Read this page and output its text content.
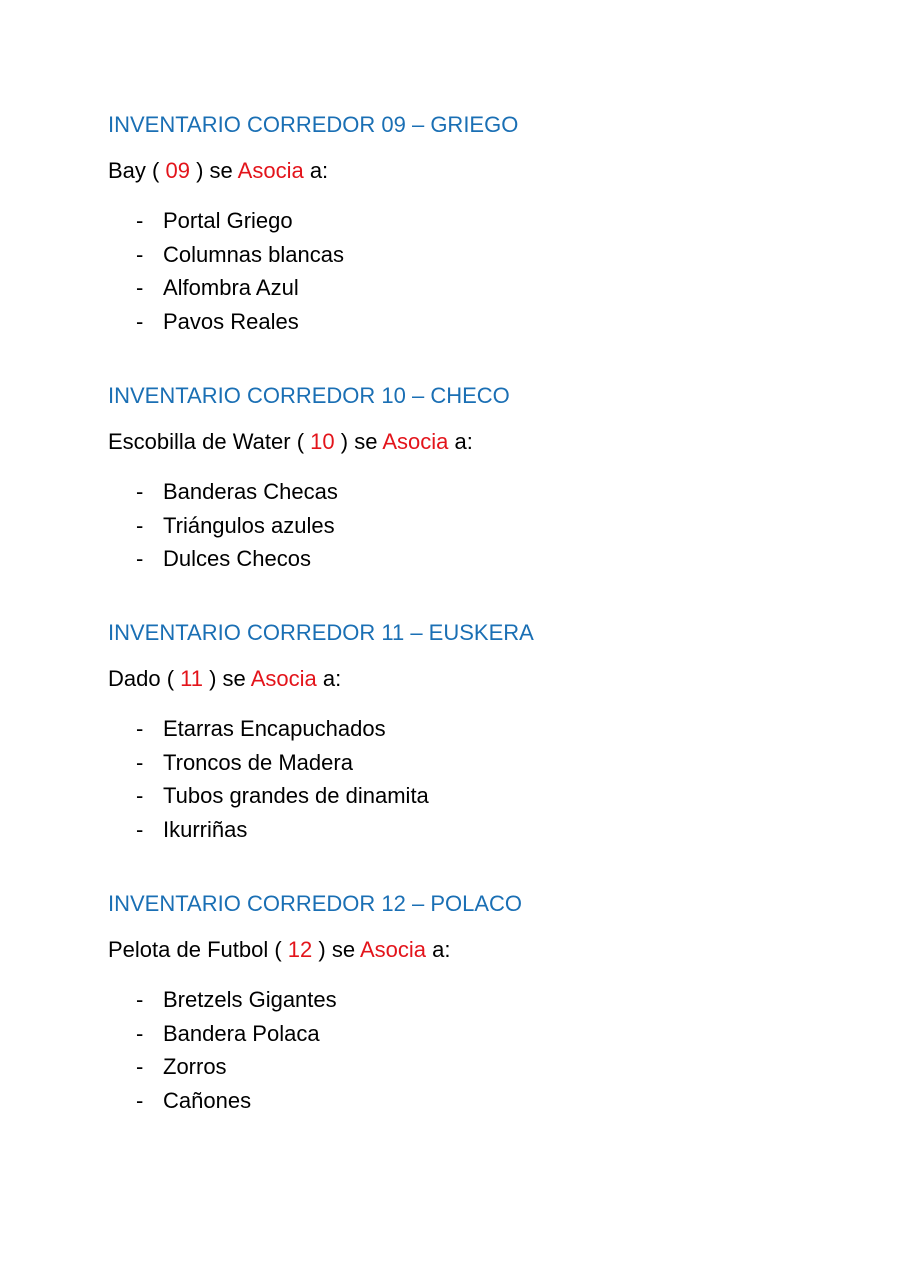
INVENTARIO CORREDOR 09 – GRIEGO
Bay ( 09 ) se Asocia a:
- Portal Griego
- Columnas blancas
- Alfombra Azul
- Pavos Reales
INVENTARIO CORREDOR 10 – CHECO
Escobilla de Water ( 10 ) se Asocia a:
- Banderas Checas
- Triángulos azules
- Dulces Checos
INVENTARIO CORREDOR 11 – EUSKERA
Dado ( 11 ) se Asocia a:
- Etarras Encapuchados
- Troncos de Madera
- Tubos grandes de dinamita
- Ikurriñas
INVENTARIO CORREDOR 12 – POLACO
Pelota de Futbol ( 12 ) se Asocia a:
- Bretzels Gigantes
- Bandera Polaca
- Zorros
- Cañones
